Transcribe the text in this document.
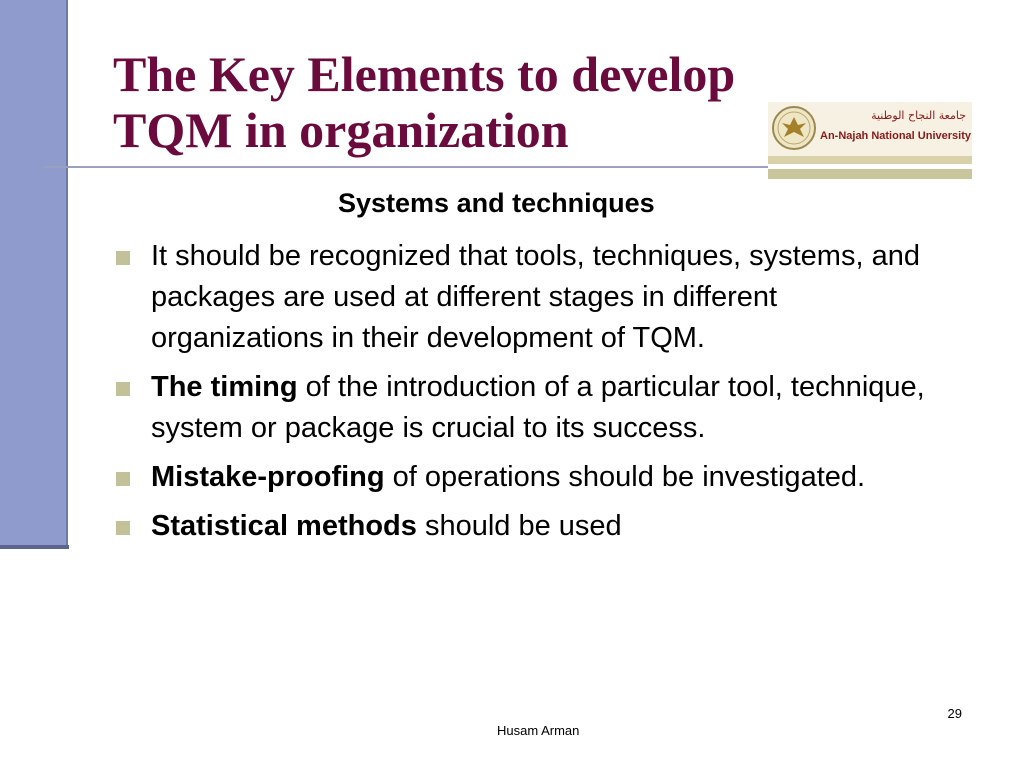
The Key Elements to develop
TQM in organization	جامعة النجاح الوطنية
An-Najah National University
Systems and techniques
It should be recognized that tools, techniques, systems, and packages are used at different stages in different organizations in their development of TQM.
The timing of the introduction of a particular tool, technique, system or package is crucial to its success.
Mistake-proofing of operations should be investigated.
Statistical methods should be used
29
Husam Arman
